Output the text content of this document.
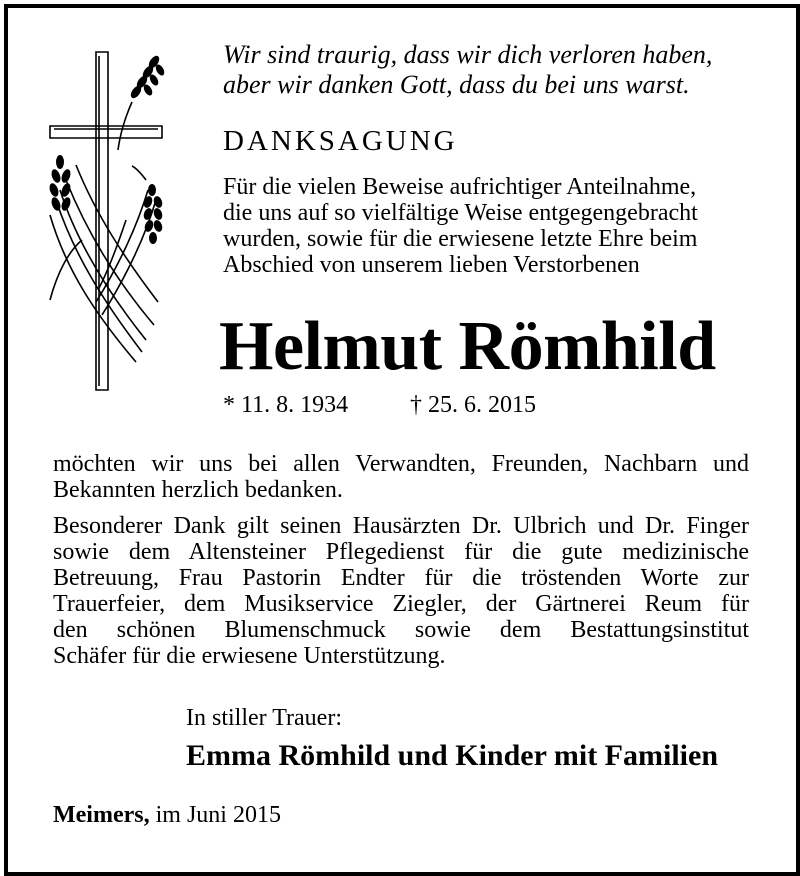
Wir sind traurig, dass wir dich verloren haben,
aber wir danken Gott, dass du bei uns warst.
DANKSAGUNG
Für die vielen Beweise aufrichtiger Anteilnahme,
die uns auf so vielfältige Weise entgegengebracht
wurden, sowie für die erwiesene letzte Ehre beim
Abschied von unserem lieben Verstorbenen
Helmut Römhild
* 11. 8. 1934	† 25. 6. 2015
möchten wir uns bei allen Verwandten, Freunden, Nachbarn und
Bekannten herzlich bedanken.
Besonderer Dank gilt seinen Hausärzten Dr. Ulbrich und Dr. Finger
sowie dem Altensteiner Pflegedienst für die gute medizinische
Betreuung, Frau Pastorin Endter für die tröstenden Worte zur
Trauerfeier, dem Musikservice Ziegler, der Gärtnerei Reum für
den schönen Blumenschmuck sowie dem Bestattungsinstitut
Schäfer für die erwiesene Unterstützung.
In stiller Trauer:
Emma Römhild und Kinder mit Familien
Meimers, im Juni 2015
